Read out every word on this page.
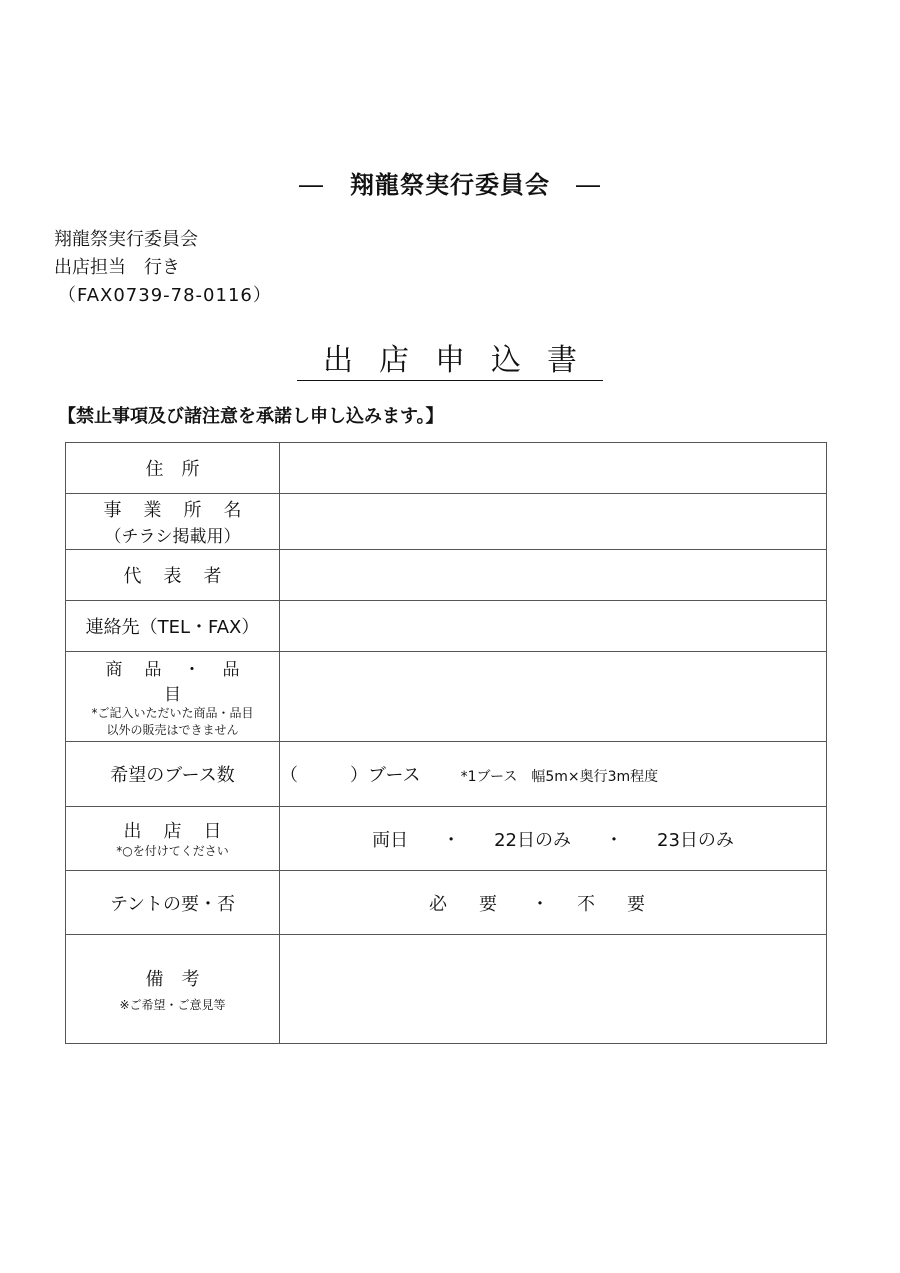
― 翔龍祭実行委員会 ―
翔龍祭実行委員会
出店担当　行き
（FAX0739-78-0116）
出店申込書
【禁止事項及び諸注意を承諾し申し込みます。】
住　所	

事業所名
（チラシ掲載用）	

代表者	

連絡先（TEL・FAX）	

商品・品目
*ご記入いただいた商品・品目
以外の販売はできません	

希望のブース数	（ ）ブース *1ブース　幅5m×奥行3m程度

出店日
*○を付けてください	両日 ・ 22日のみ ・ 23日のみ

テントの要・否	必要 ・ 不要

備　考
※ご希望・ご意見等	
